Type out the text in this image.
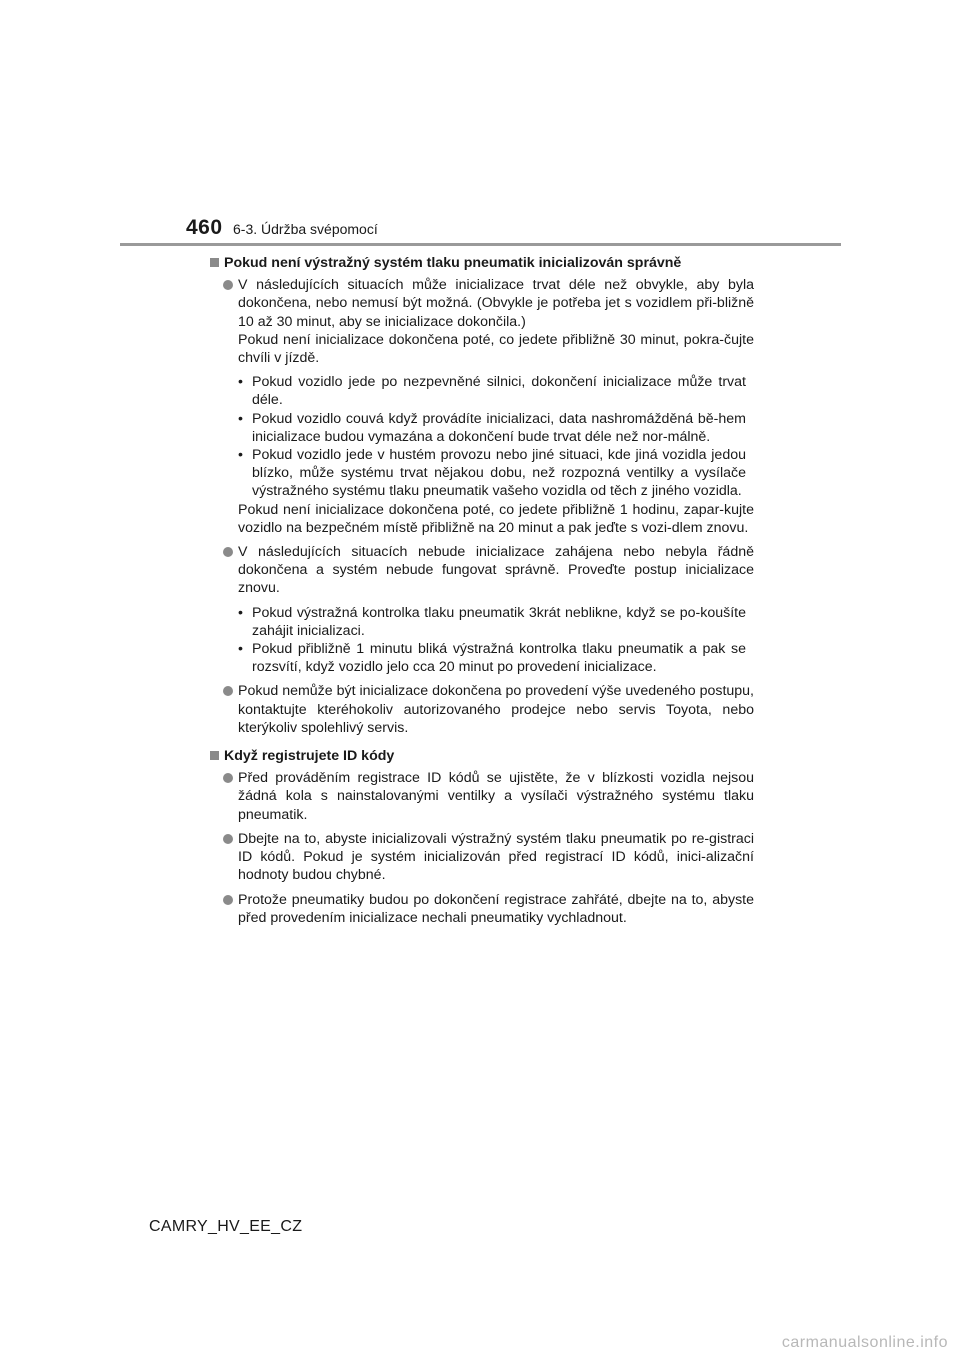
460 6-3. Údržba svépomocí
Pokud není výstražný systém tlaku pneumatik inicializován správně

V následujících situacích může inicializace trvat déle než obvykle, aby byla dokončena, nebo nemusí být možná. (Obvykle je potřeba jet s vozidlem při-bližně 10 až 30 minut, aby se inicializace dokončila.)

Pokud není inicializace dokončena poté, co jedete přibližně 30 minut, pokra-čujte chvíli v jízdě.

• Pokud vozidlo jede po nezpevněné silnici, dokončení inicializace může trvat déle.
• Pokud vozidlo couvá když provádíte inicializaci, data nashromážděná bě-hem inicializace budou vymazána a dokončení bude trvat déle než nor-málně.
• Pokud vozidlo jede v hustém provozu nebo jiné situaci, kde jiná vozidla jedou blízko, může systému trvat nějakou dobu, než rozpozná ventilky a vysílače výstražného systému tlaku pneumatik vašeho vozidla od těch z jiného vozidla.

Pokud není inicializace dokončena poté, co jedete přibližně 1 hodinu, zapar-kujte vozidlo na bezpečném místě přibližně na 20 minut a pak jeďte s vozi-dlem znovu.

V následujících situacích nebude inicializace zahájena nebo nebyla řádně dokončena a systém nebude fungovat správně. Proveďte postup inicializace znovu.

• Pokud výstražná kontrolka tlaku pneumatik 3krát neblikne, když se po-koušíte zahájit inicializaci.
• Pokud přibližně 1 minutu bliká výstražná kontrolka tlaku pneumatik a pak se rozsvítí, když vozidlo jelo cca 20 minut po provedení inicializace.

Pokud nemůže být inicializace dokončena po provedení výše uvedeného postupu, kontaktujte kteréhokoliv autorizovaného prodejce nebo servis Toyota, nebo kterýkoliv spolehlivý servis.

Když registrujete ID kódy

Před prováděním registrace ID kódů se ujistěte, že v blízkosti vozidla nejsou žádná kola s nainstalovanými ventilky a vysílači výstražného systému tlaku pneumatik.

Dbejte na to, abyste inicializovali výstražný systém tlaku pneumatik po re-gistraci ID kódů. Pokud je systém inicializován před registrací ID kódů, inici-alizační hodnoty budou chybné.

Protože pneumatiky budou po dokončení registrace zahřáté, dbejte na to, abyste před provedením inicializace nechali pneumatiky vychladnout.

CAMRY_HV_EE_CZ
carmanualsonline.info
